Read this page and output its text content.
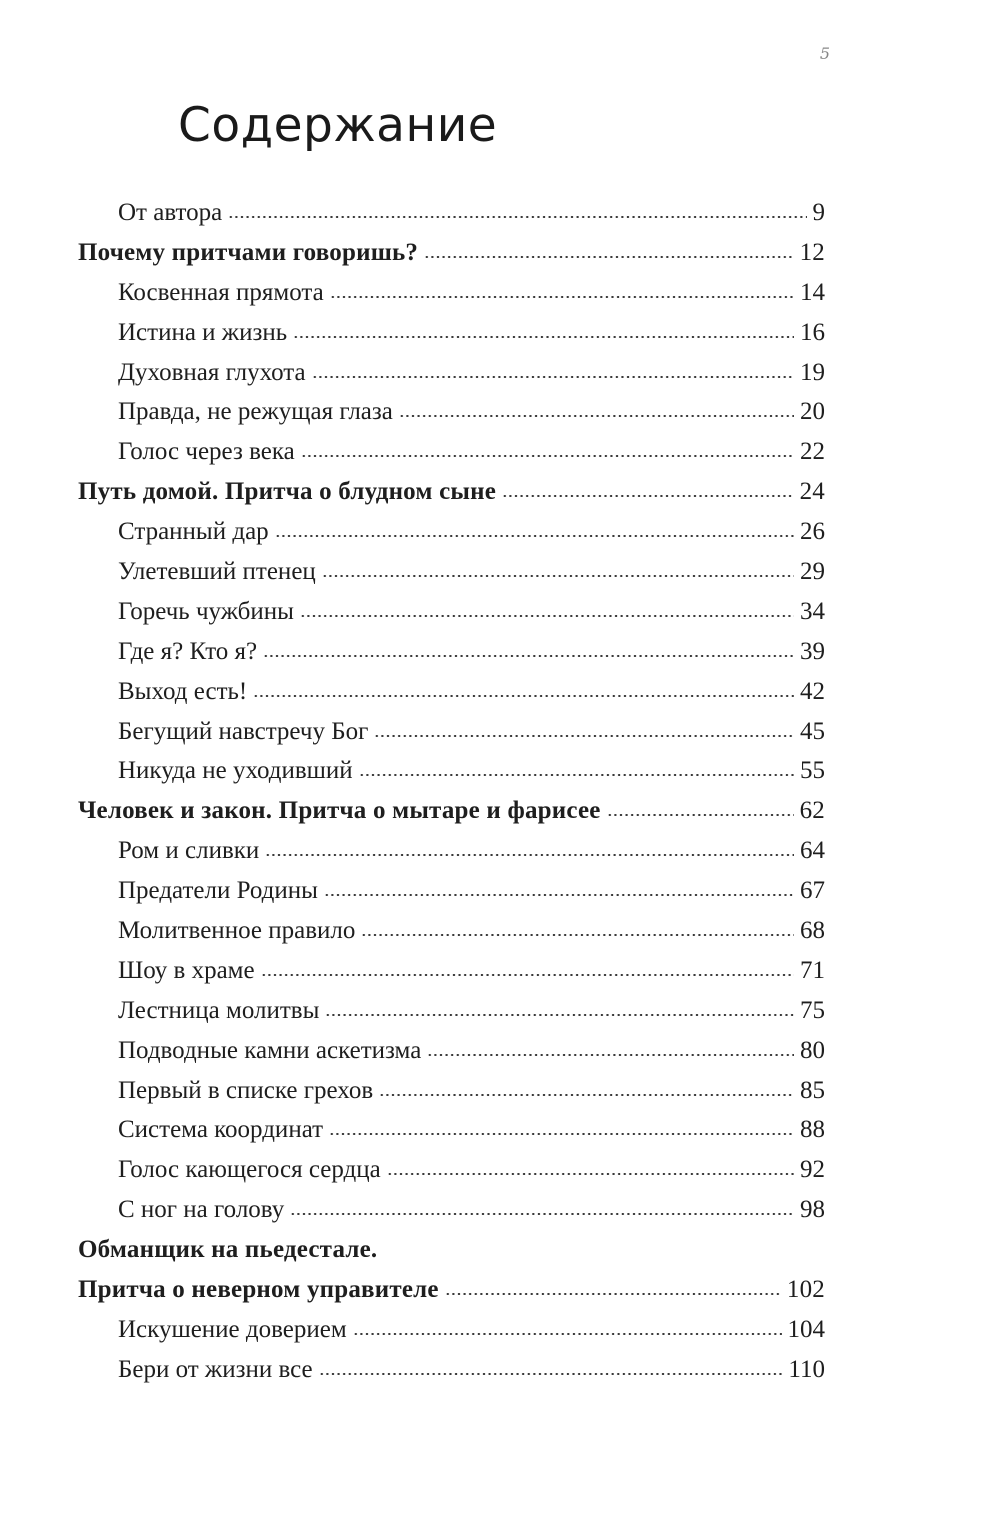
5
Содержание
От автора	9
Почему притчами говоришь?	12
Косвенная прямота	14
Истина и жизнь	16
Духовная глухота	19
Правда, не режущая глаза	20
Голос через века	22
Путь домой. Притча о блудном сыне	24
Странный дар	26
Улетевший птенец	29
Горечь чужбины	34
Где я? Кто я?	39
Выход есть!	42
Бегущий навстречу Бог	45
Никуда не уходивший	55
Человек и закон. Притча о мытаре и фарисее	62
Ром и сливки	64
Предатели Родины	67
Молитвенное правило	68
Шоу в храме	71
Лестница молитвы	75
Подводные камни аскетизма	80
Первый в списке грехов	85
Система координат	88
Голос кающегося сердца	92
С ног на голову	98
Обманщик на пьедестале.
Притча о неверном управителе	102
Искушение доверием	104
Бери от жизни все	110
